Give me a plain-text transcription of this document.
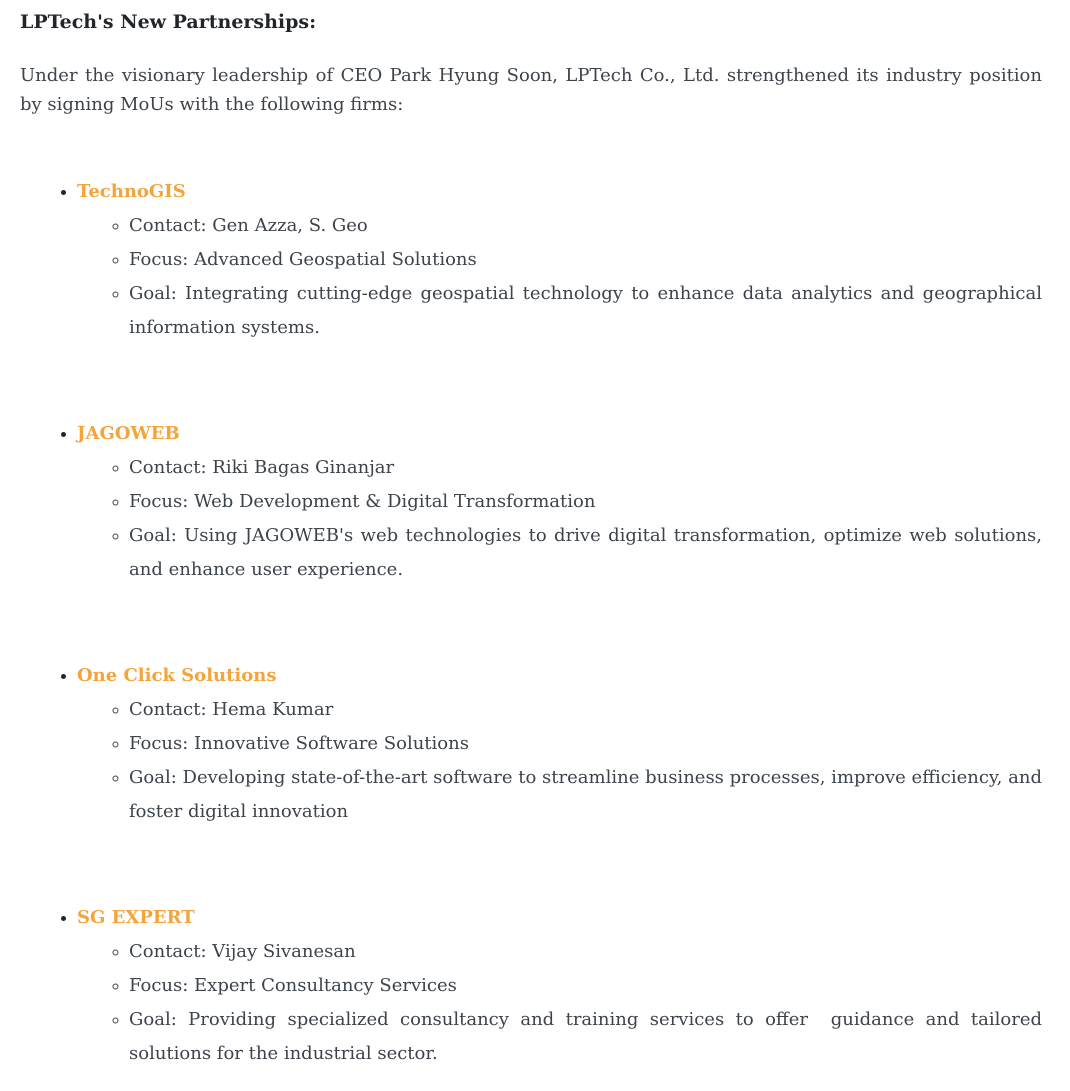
LPTech's New Partnerships:

Under the visionary leadership of CEO Park Hyung Soon, LPTech Co., Ltd. strengthened its industry position by signing MoUs with the following firms:

• TechnoGIS
◦ Contact: Gen Azza, S. Geo
◦ Focus: Advanced Geospatial Solutions
◦ Goal: Integrating cutting-edge geospatial technology to enhance data analytics and geographical information systems.
• JAGOWEB
◦ Contact: Riki Bagas Ginanjar
◦ Focus: Web Development & Digital Transformation
◦ Goal: Using JAGOWEB's web technologies to drive digital transformation, optimize web solutions, and enhance user experience.
• One Click Solutions
◦ Contact: Hema Kumar
◦ Focus: Innovative Software Solutions
◦ Goal: Developing state-of-the-art software to streamline business processes, improve efficiency, and foster digital innovation
• SG EXPERT
◦ Contact: Vijay Sivanesan
◦ Focus: Expert Consultancy Services
◦ Goal: Providing specialized consultancy and training services to offer  guidance and tailored solutions for the industrial sector.
